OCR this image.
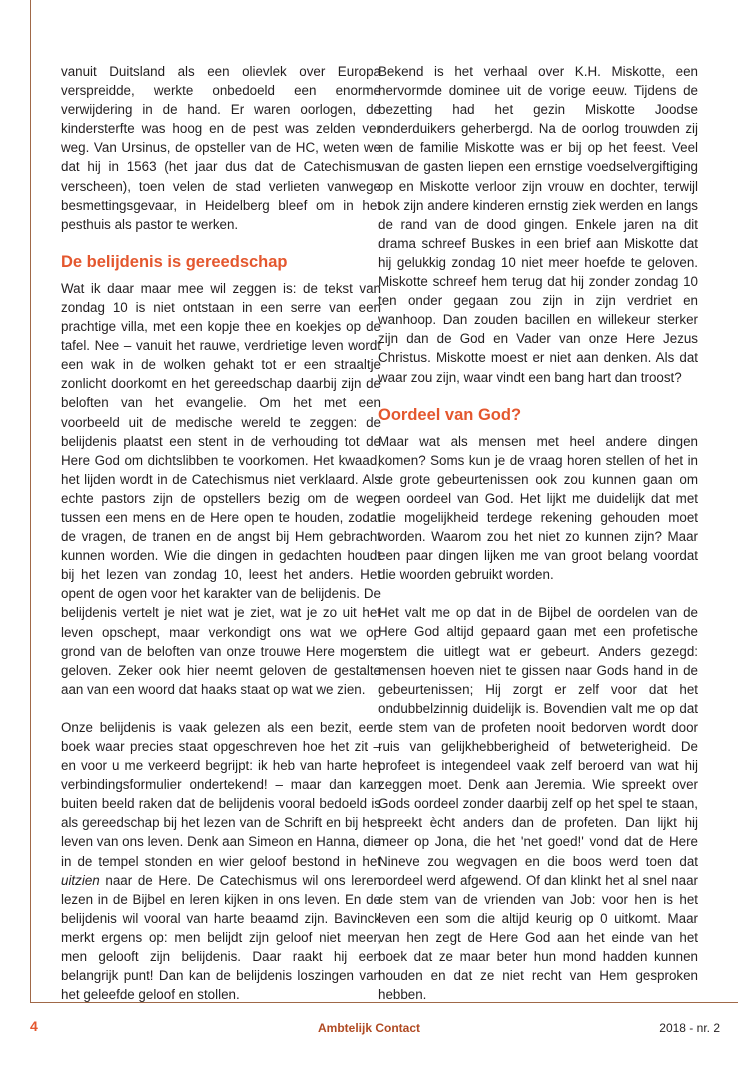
vanuit Duitsland als een olievlek over Europa verspreidde, werkte onbedoeld een enorme verwijdering in de hand. Er waren oorlogen, de kindersterfte was hoog en de pest was zelden ver weg. Van Ursinus, de opsteller van de HC, weten we dat hij in 1563 (het jaar dus dat de Catechismus verscheen), toen velen de stad verlieten vanwege besmettingsgevaar, in Heidelberg bleef om in het pesthuis als pastor te werken.

De belijdenis is gereedschap

Wat ik daar maar mee wil zeggen is: de tekst van zondag 10 is niet ontstaan in een serre van een prachtige villa, met een kopje thee en koekjes op de tafel. Nee – vanuit het rauwe, verdrietige leven wordt een wak in de wolken gehakt tot er een straaltje zonlicht doorkomt en het gereedschap daarbij zijn de beloften van het evangelie. Om het met een voorbeeld uit de medische wereld te zeggen: de belijdenis plaatst een stent in de verhouding tot de Here God om dichtslibben te voorkomen. Het kwaad, het lijden wordt in de Catechismus niet verklaard. Als echte pastors zijn de opstellers bezig om de weg tussen een mens en de Here open te houden, zodat de vragen, de tranen en de angst bij Hem gebracht kunnen worden. Wie die dingen in gedachten houdt bij het lezen van zondag 10, leest het anders. Het opent de ogen voor het karakter van de belijdenis. De belijdenis vertelt je niet wat je ziet, wat je zo uit het leven opschept, maar verkondigt ons wat we op grond van de beloften van onze trouwe Here mogen geloven. Zeker ook hier neemt geloven de gestalte aan van een woord dat haaks staat op wat we zien.

Onze belijdenis is vaak gelezen als een bezit, een boek waar precies staat opgeschreven hoe het zit – en voor u me verkeerd begrijpt: ik heb van harte het verbindingsformulier ondertekend! – maar dan kan buiten beeld raken dat de belijdenis vooral bedoeld is als gereedschap bij het lezen van de Schrift en bij het leven van ons leven. Denk aan Simeon en Hanna, die in de tempel stonden en wier geloof bestond in het uitzien naar de Here. De Catechismus wil ons leren lezen in de Bijbel en leren kijken in ons leven. En de belijdenis wil vooral van harte beaamd zijn. Bavinck merkt ergens op: men belijdt zijn geloof niet meer, men gelooft zijn belijdenis. Daar raakt hij een belangrijk punt! Dan kan de belijdenis loszingen van het geleefde geloof en stollen.

Bekend is het verhaal over K.H. Miskotte, een hervormde dominee uit de vorige eeuw. Tijdens de bezetting had het gezin Miskotte Joodse onderduikers geherbergd. Na de oorlog trouwden zij en de familie Miskotte was er bij op het feest. Veel van de gasten liepen een ernstige voedselvergiftiging op en Miskotte verloor zijn vrouw en dochter, terwijl ook zijn andere kinderen ernstig ziek werden en langs de rand van de dood gingen. Enkele jaren na dit drama schreef Buskes in een brief aan Miskotte dat hij gelukkig zondag 10 niet meer hoefde te geloven. Miskotte schreef hem terug dat hij zonder zondag 10 ten onder gegaan zou zijn in zijn verdriet en wanhoop. Dan zouden bacillen en willekeur sterker zijn dan de God en Vader van onze Here Jezus Christus. Miskotte moest er niet aan denken. Als dat waar zou zijn, waar vindt een bang hart dan troost?

Oordeel van God?

Maar wat als mensen met heel andere dingen komen? Soms kun je de vraag horen stellen of het in de grote gebeurtenissen ook zou kunnen gaan om een oordeel van God. Het lijkt me duidelijk dat met die mogelijkheid terdege rekening gehouden moet worden. Waarom zou het niet zo kunnen zijn? Maar een paar dingen lijken me van groot belang voordat die woorden gebruikt worden.

Het valt me op dat in de Bijbel de oordelen van de Here God altijd gepaard gaan met een profetische stem die uitlegt wat er gebeurt. Anders gezegd: mensen hoeven niet te gissen naar Gods hand in de gebeurtenissen; Hij zorgt er zelf voor dat het ondubbelzinnig duidelijk is. Bovendien valt me op dat de stem van de profeten nooit bedorven wordt door ruis van gelijkhebberigheid of betweterigheid. De profeet is integendeel vaak zelf beroerd van wat hij zeggen moet. Denk aan Jeremia. Wie spreekt over Gods oordeel zonder daarbij zelf op het spel te staan, spreekt ècht anders dan de profeten. Dan lijkt hij meer op Jona, die het 'net goed!' vond dat de Here Nineve zou wegvagen en die boos werd toen dat oordeel werd afgewend. Of dan klinkt het al snel naar de stem van de vrienden van Job: voor hen is het leven een som die altijd keurig op 0 uitkomt. Maar van hen zegt de Here God aan het einde van het boek dat ze maar beter hun mond hadden kunnen houden en dat ze niet recht van Hem gesproken hebben.

4	Ambtelijk Contact	2018 - nr. 2
